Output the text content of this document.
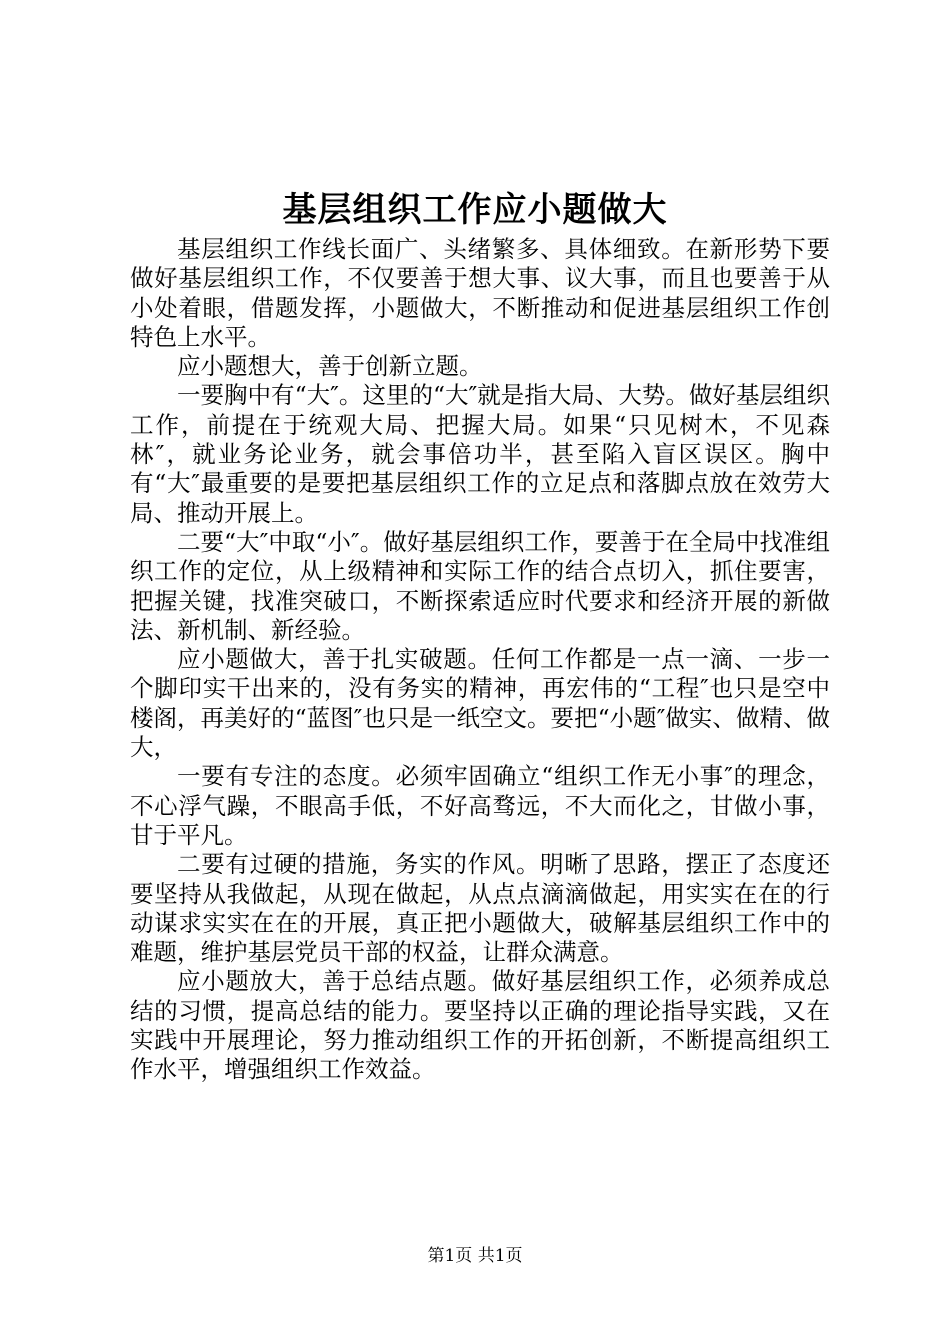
基层组织工作应小题做大

基层组织工作线长面广、头绪繁多、具体细致。在新形势下要做好基层组织工作，不仅要善于想大事、议大事，而且也要善于从小处着眼，借题发挥，小题做大，不断推动和促进基层组织工作创特色上水平。

应小题想大，善于创新立题。

一要胸中有“大″。这里的“大″就是指大局、大势。做好基层组织工作，前提在于统观大局、把握大局。如果“只见树木，不见森林″，就业务论业务，就会事倍功半，甚至陷入盲区误区。胸中有“大″最重要的是要把基层组织工作的立足点和落脚点放在效劳大局、推动开展上。

二要“大″中取“小″。做好基层组织工作，要善于在全局中找准组织工作的定位，从上级精神和实际工作的结合点切入，抓住要害，把握关键，找准突破口，不断探索适应时代要求和经济开展的新做法、新机制、新经验。

应小题做大，善于扎实破题。任何工作都是一点一滴、一步一个脚印实干出来的，没有务实的精神，再宏伟的“工程″也只是空中楼阁，再美好的“蓝图″也只是一纸空文。要把“小题″做实、做精、做大，

一要有专注的态度。必须牢固确立“组织工作无小事″的理念，不心浮气躁，不眼高手低，不好高骛远，不大而化之，甘做小事，甘于平凡。

二要有过硬的措施，务实的作风。明晰了思路，摆正了态度还要坚持从我做起，从现在做起，从点点滴滴做起，用实实在在的行动谋求实实在在的开展，真正把小题做大，破解基层组织工作中的难题，维护基层党员干部的权益，让群众满意。

应小题放大，善于总结点题。做好基层组织工作，必须养成总结的习惯，提高总结的能力。要坚持以正确的理论指导实践，又在实践中开展理论，努力推动组织工作的开拓创新，不断提高组织工作水平，增强组织工作效益。

第1页 共1页
